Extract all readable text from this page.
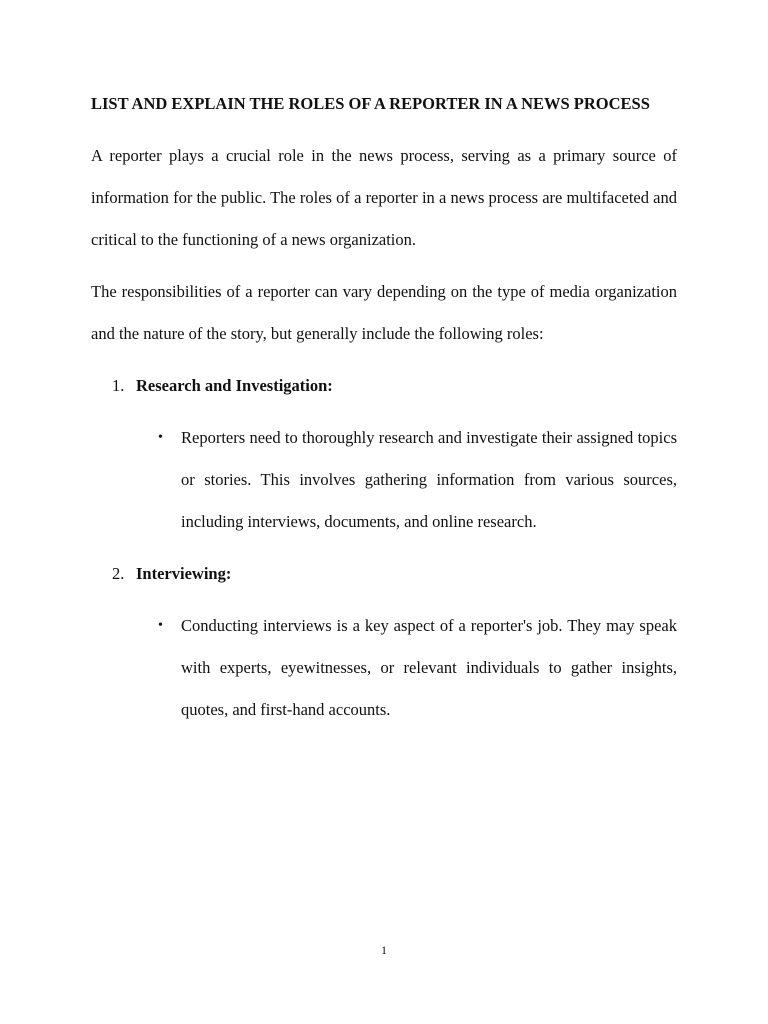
LIST AND EXPLAIN THE ROLES OF A REPORTER IN A NEWS PROCESS

A reporter plays a crucial role in the news process, serving as a primary source of information for the public. The roles of a reporter in a news process are multifaceted and critical to the functioning of a news organization.

The responsibilities of a reporter can vary depending on the type of media organization and the nature of the story, but generally include the following roles:

1. Research and Investigation:
•	Reporters need to thoroughly research and investigate their assigned topics or stories. This involves gathering information from various sources, including interviews, documents, and online research.
2. Interviewing:
•	Conducting interviews is a key aspect of a reporter's job. They may speak with experts, eyewitnesses, or relevant individuals to gather insights, quotes, and first-hand accounts.
1
